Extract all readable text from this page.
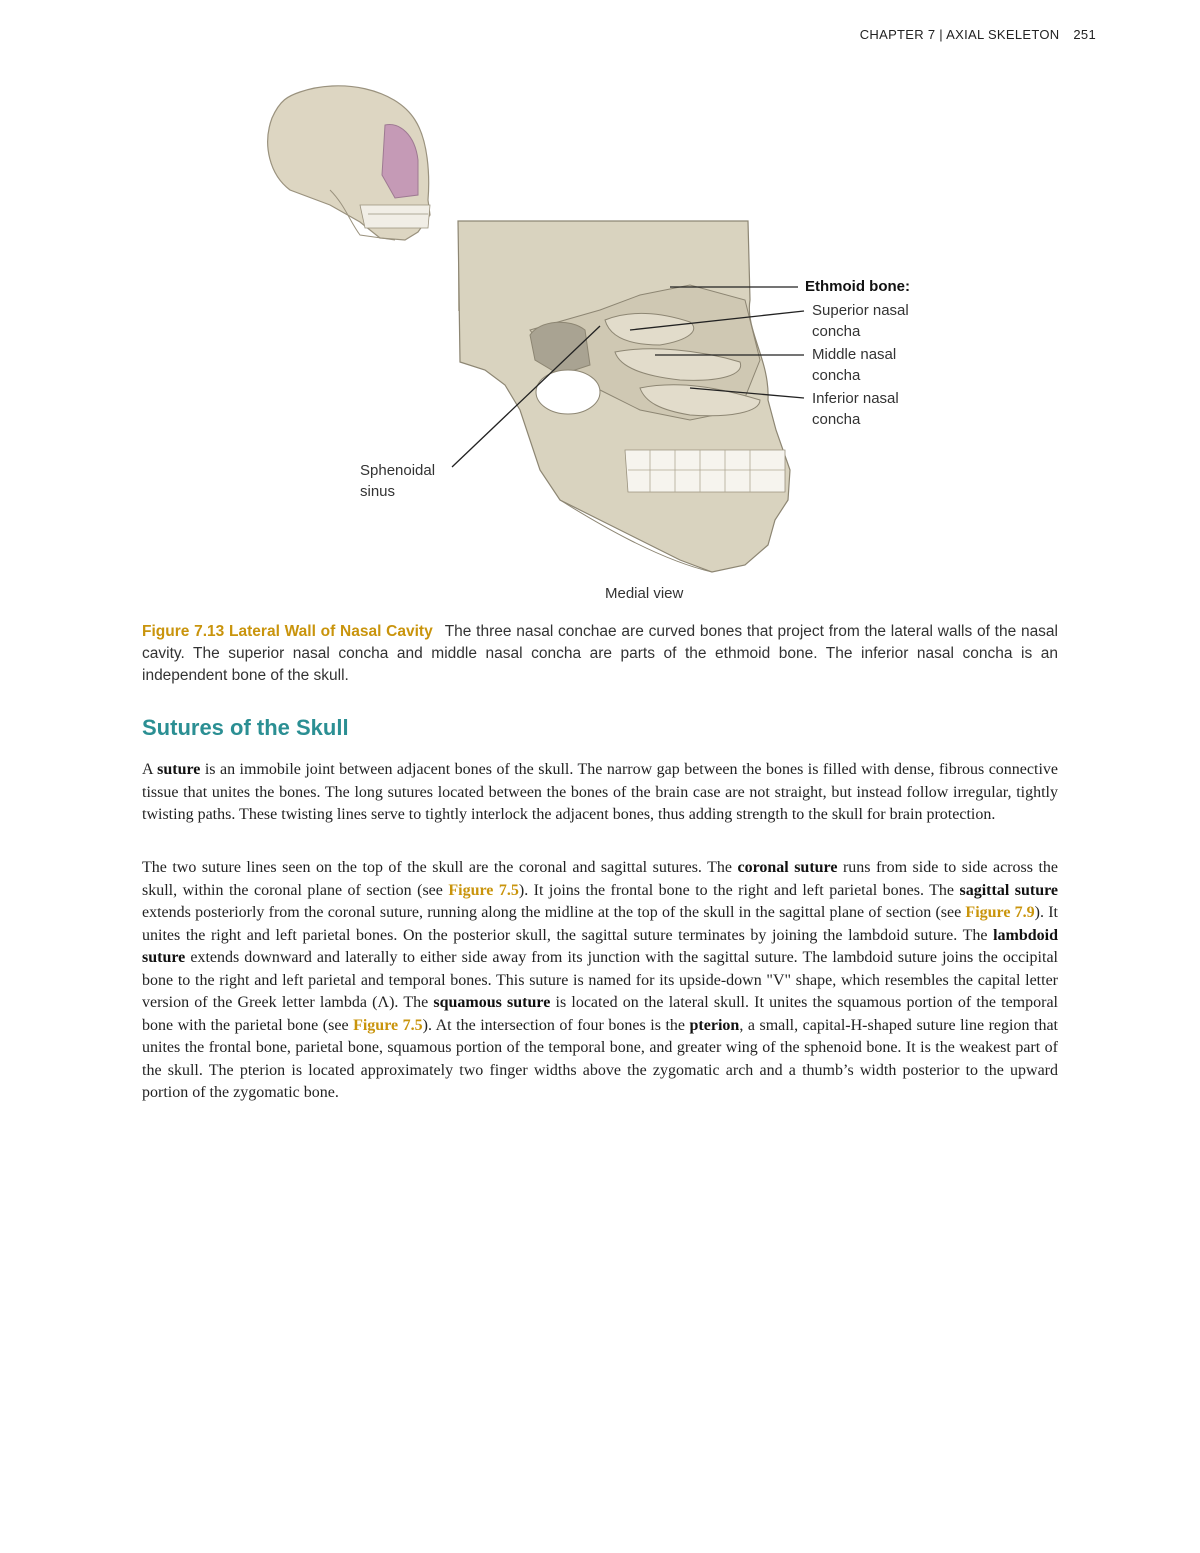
CHAPTER 7 | AXIAL SKELETON 251
Ethmoid bone:
Superior nasal
concha
Middle nasal
concha
Inferior nasal
concha
Sphenoidal
sinus
Medial view
Figure 7.13 Lateral Wall of Nasal Cavity The three nasal conchae are curved bones that project from the lateral walls of the nasal cavity. The superior nasal concha and middle nasal concha are parts of the ethmoid bone. The inferior nasal concha is an independent bone of the skull.
Sutures of the Skull

A suture is an immobile joint between adjacent bones of the skull. The narrow gap between the bones is filled with dense, fibrous connective tissue that unites the bones. The long sutures located between the bones of the brain case are not straight, but instead follow irregular, tightly twisting paths. These twisting lines serve to tightly interlock the adjacent bones, thus adding strength to the skull for brain protection.

The two suture lines seen on the top of the skull are the coronal and sagittal sutures. The coronal suture runs from side to side across the skull, within the coronal plane of section (see Figure 7.5). It joins the frontal bone to the right and left parietal bones. The sagittal suture extends posteriorly from the coronal suture, running along the midline at the top of the skull in the sagittal plane of section (see Figure 7.9). It unites the right and left parietal bones. On the posterior skull, the sagittal suture terminates by joining the lambdoid suture. The lambdoid suture extends downward and laterally to either side away from its junction with the sagittal suture. The lambdoid suture joins the occipital bone to the right and left parietal and temporal bones. This suture is named for its upside-down "V" shape, which resembles the capital letter version of the Greek letter lambda (Λ). The squamous suture is located on the lateral skull. It unites the squamous portion of the temporal bone with the parietal bone (see Figure 7.5). At the intersection of four bones is the pterion, a small, capital-H-shaped suture line region that unites the frontal bone, parietal bone, squamous portion of the temporal bone, and greater wing of the sphenoid bone. It is the weakest part of the skull. The pterion is located approximately two finger widths above the zygomatic arch and a thumb’s width posterior to the upward portion of the zygomatic bone.
